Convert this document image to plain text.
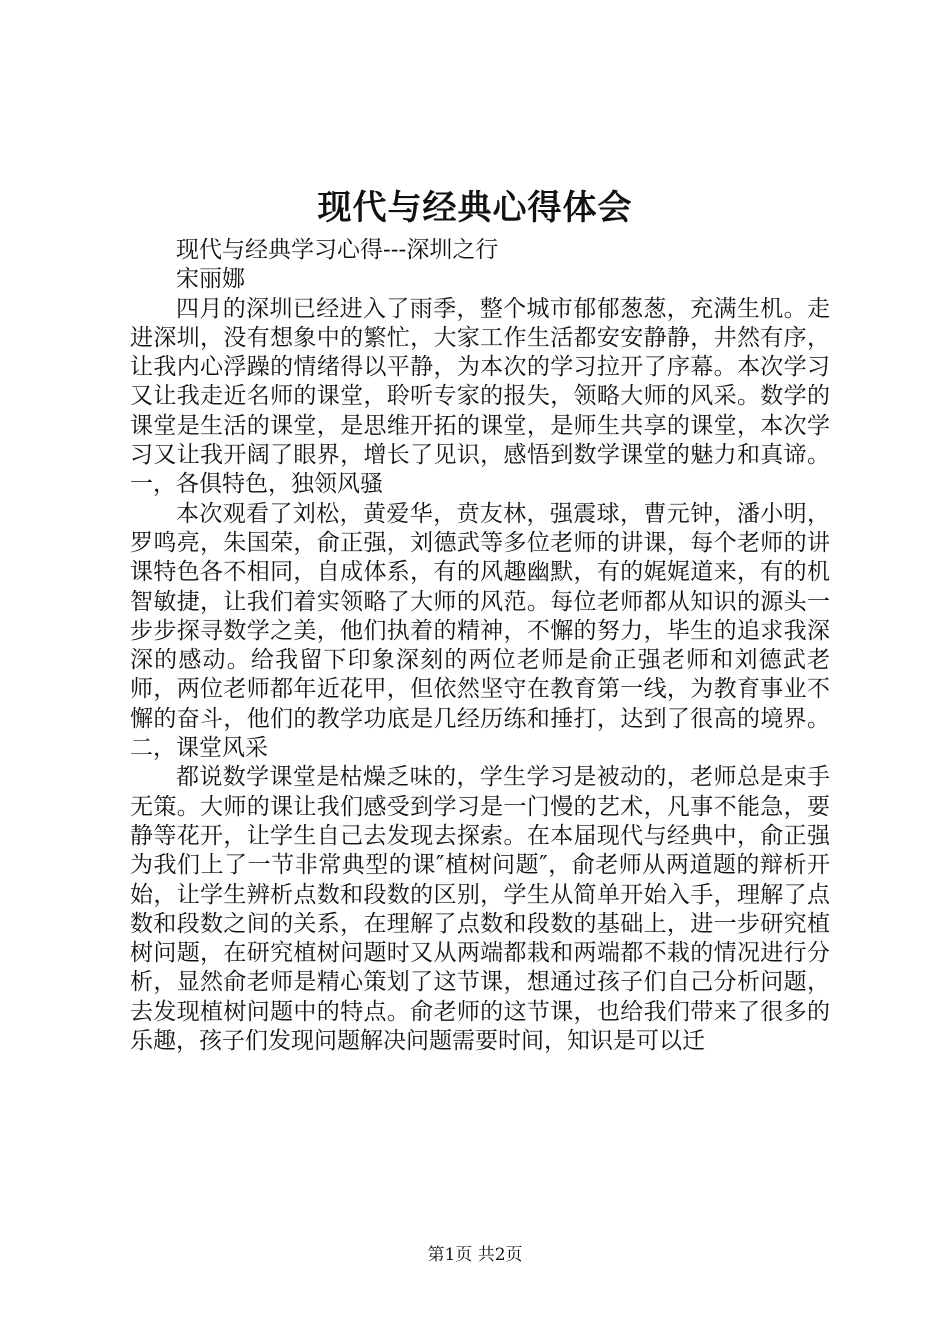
现代与经典心得体会

现代与经典学习心得---深圳之行

宋丽娜

四月的深圳已经进入了雨季，整个城市郁郁葱葱，充满生机。走进深圳，没有想象中的繁忙，大家工作生活都安安静静，井然有序，让我内心浮躁的情绪得以平静，为本次的学习拉开了序幕。本次学习又让我走近名师的课堂，聆听专家的报失，领略大师的风采。数学的课堂是生活的课堂，是思维开拓的课堂，是师生共享的课堂，本次学习又让我开阔了眼界，增长了见识，感悟到数学课堂的魅力和真谛。一，各俱特色，独领风骚

本次观看了刘松，黄爱华，贲友林，强震球，曹元钟，潘小明，罗鸣亮，朱国荣，俞正强，刘德武等多位老师的讲课，每个老师的讲课特色各不相同，自成体系，有的风趣幽默，有的娓娓道来，有的机智敏捷，让我们着实领略了大师的风范。每位老师都从知识的源头一步步探寻数学之美，他们执着的精神，不懈的努力，毕生的追求我深深的感动。给我留下印象深刻的两位老师是俞正强老师和刘德武老师，两位老师都年近花甲，但依然坚守在教育第一线，为教育事业不懈的奋斗，他们的教学功底是几经历练和捶打，达到了很高的境界。二，课堂风采

都说数学课堂是枯燥乏味的，学生学习是被动的，老师总是束手无策。大师的课让我们感受到学习是一门慢的艺术，凡事不能急，要静等花开，让学生自己去发现去探索。在本届现代与经典中，俞正强为我们上了一节非常典型的课″植树问题″，俞老师从两道题的辩析开始，让学生辨析点数和段数的区别，学生从简单开始入手，理解了点数和段数之间的关系，在理解了点数和段数的基础上，进一步研究植树问题，在研究植树问题时又从两端都栽和两端都不栽的情况进行分析，显然俞老师是精心策划了这节课，想通过孩子们自己分析问题，去发现植树问题中的特点。俞老师的这节课，也给我们带来了很多的乐趣，孩子们发现问题解决问题需要时间，知识是可以迁

第1页 共2页
